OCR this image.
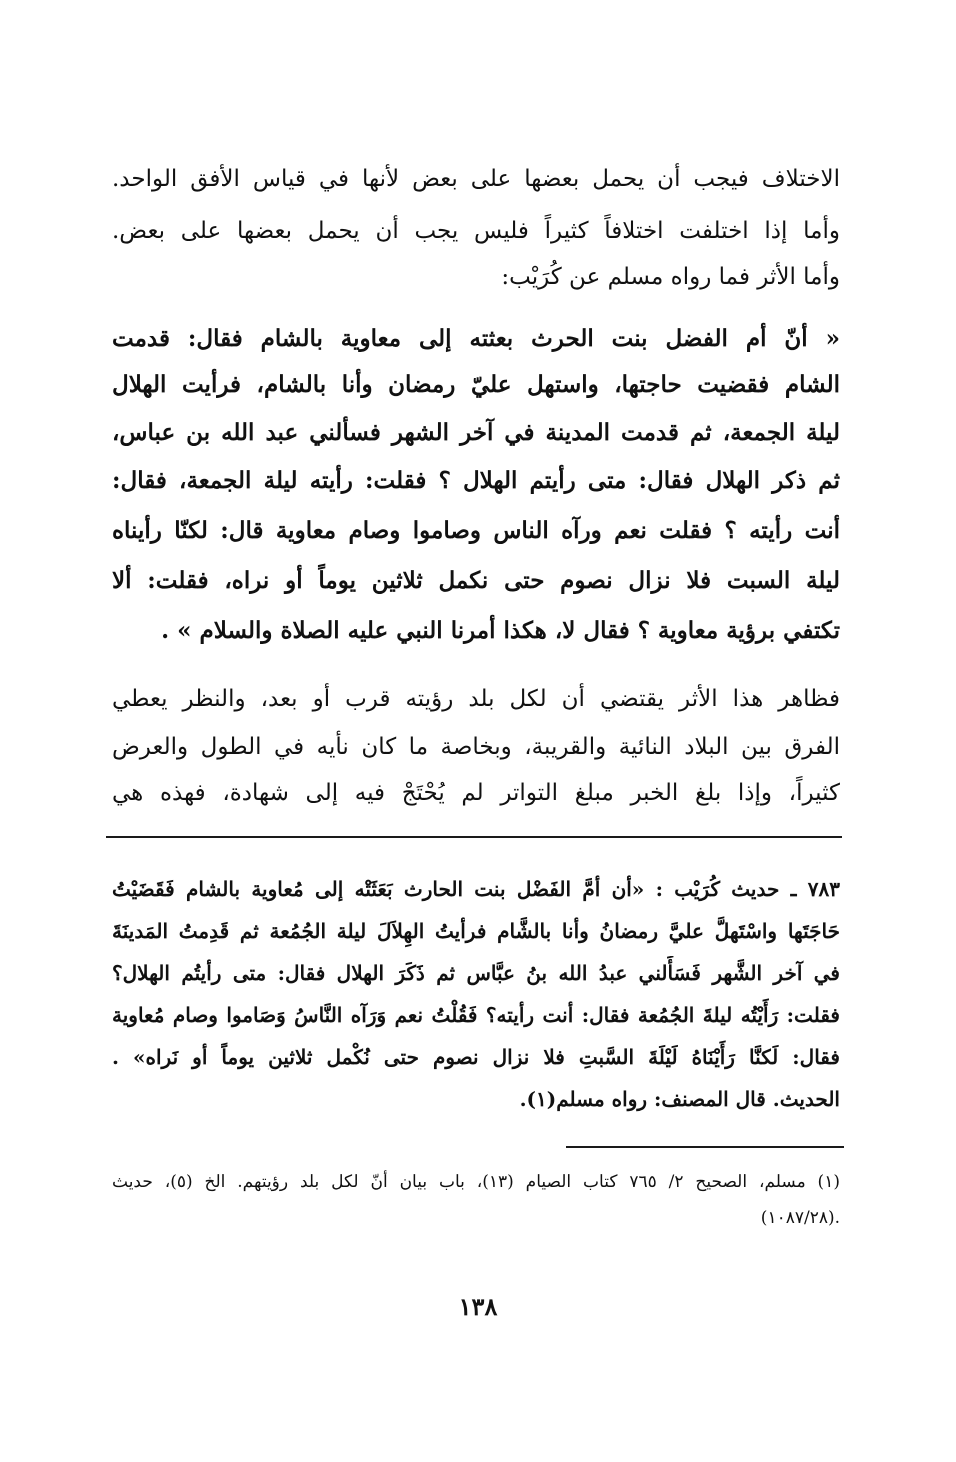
الاختلاف فيجب أن يحمل بعضها على بعض لأنها في قياس الأفق الواحد.
وأما إذا اختلفت اختلافاً كثيراً فليس يجب أن يحمل بعضها على بعض.
وأما الأثر فما رواه مسلم عن كُرَيْب:
« أنّ أم الفضل بنت الحرث بعثته إلى معاوية بالشام فقال: قدمت
الشام فقضيت حاجتها، واستهل عليّ رمضان وأنا بالشام، فرأيت الهلال
ليلة الجمعة، ثم قدمت المدينة في آخر الشهر فسألني عبد الله بن عباس،
ثم ذكر الهلال فقال: متى رأيتم الهلال ؟ فقلت: رأيته ليلة الجمعة، فقال:
أنت رأيته ؟ فقلت نعم ورآه الناس وصاموا وصام معاوية قال: لكنّا رأيناه
ليلة السبت فلا نزال نصوم حتى نكمل ثلاثين يوماً أو نراه، فقلت: ألا
تكتفي برؤية معاوية ؟ فقال لا، هكذا أمرنا النبي عليه الصلاة والسلام » .
فظاهر هذا الأثر يقتضي أن لكل بلد رؤيته قرب أو بعد، والنظر يعطي
الفرق بين البلاد النائية والقريبة، وبخاصة ما كان نأيه في الطول والعرض
كثيراً، وإذا بلغ الخبر مبلغ التواتر لم يُحْتَجْ فيه إلى شهادة، فهذه هي
٧٨٣ ـ حديث كُرَيْب : «أن أمَّ الفَضْل بنت الحارث بَعَثَتْه إلى مُعاوية بالشام فَقَضَيْتُ
حَاجَتَها واسْتَهلَّ عليَّ رمضانُ وأنا بالشَّام فرأيتُ الهِلاَلَ ليلة الجُمُعة ثم قَدِمتُ المَدينَةَ
في آخر الشَّهر فَسَأَلني عبدُ الله بنُ عبَّاس ثم ذَكَرَ الهلال فقال: متى رأيتُم الهلال؟
فقلت: رَأَيْتُه ليلةَ الجُمُعة فقال: أنت رأيته؟ فَقُلْتُ نعم وَرَآه النَّاسُ وَصَاموا وصام مُعاوية
فقال: لَكنَّا رَأَيْنَاهُ لَيْلَةَ السَّبتِ فلا نزال نصوم حتى نُكْمل ثلاثين يوماً أو نَراه» .
الحديث. قال المصنف: رواه مسلم(١).
(١) مسلم، الصحيح ٢/ ٧٦٥ كتاب الصيام (١٣)، باب بيان أنّ لكل بلد رؤيتهم. الخ (٥)، حديث
(١٠٨٧/٢٨).
١٣٨
